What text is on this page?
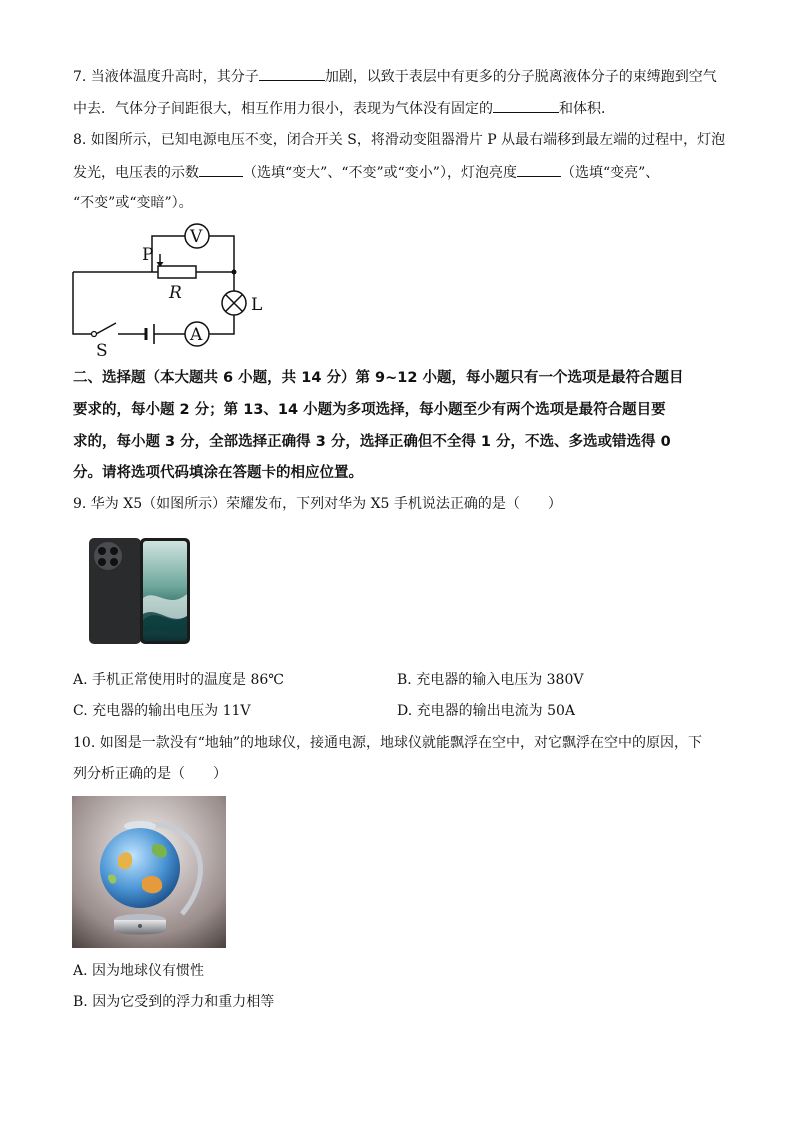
7. 当液体温度升高时，其分子	加剧，以致于表层中有更多的分子脱离液体分子的束缚跑到空气
中去．气体分子间距很大，相互作用力很小，表现为气体没有固定的	和体积．
8. 如图所示，已知电源电压不变，闭合开关 S，将滑动变阻器滑片 P 从最右端移到最左端的过程中，灯泡
发光，电压表的示数	（选填“变大”、“不变”或“变小”），灯泡亮度	（选填“变亮”、
“不变”或“变暗”）。
V
A
P
R
L
S
二、选择题（本大题共 6 小题，共 14 分）第 9~12 小题，每小题只有一个选项是最符合题目
要求的，每小题 2 分；第 13、14 小题为多项选择，每小题至少有两个选项是最符合题目要
求的，每小题 3 分，全部选择正确得 3 分，选择正确但不全得 1 分，不选、多选或错选得 0
分。请将选项代码填涂在答题卡的相应位置。
9. 华为 X5（如图所示）荣耀发布，下列对华为 X5 手机说法正确的是（　　）
A. 手机正常使用时的温度是 86℃	B. 充电器的输入电压为 380V
C. 充电器的输出电压为 11V	D. 充电器的输出电流为 50A
10. 如图是一款没有“地轴”的地球仪，接通电源，地球仪就能飘浮在空中，对它飘浮在空中的原因，下
列分析正确的是（　　）
A. 因为地球仪有惯性
B. 因为它受到的浮力和重力相等
